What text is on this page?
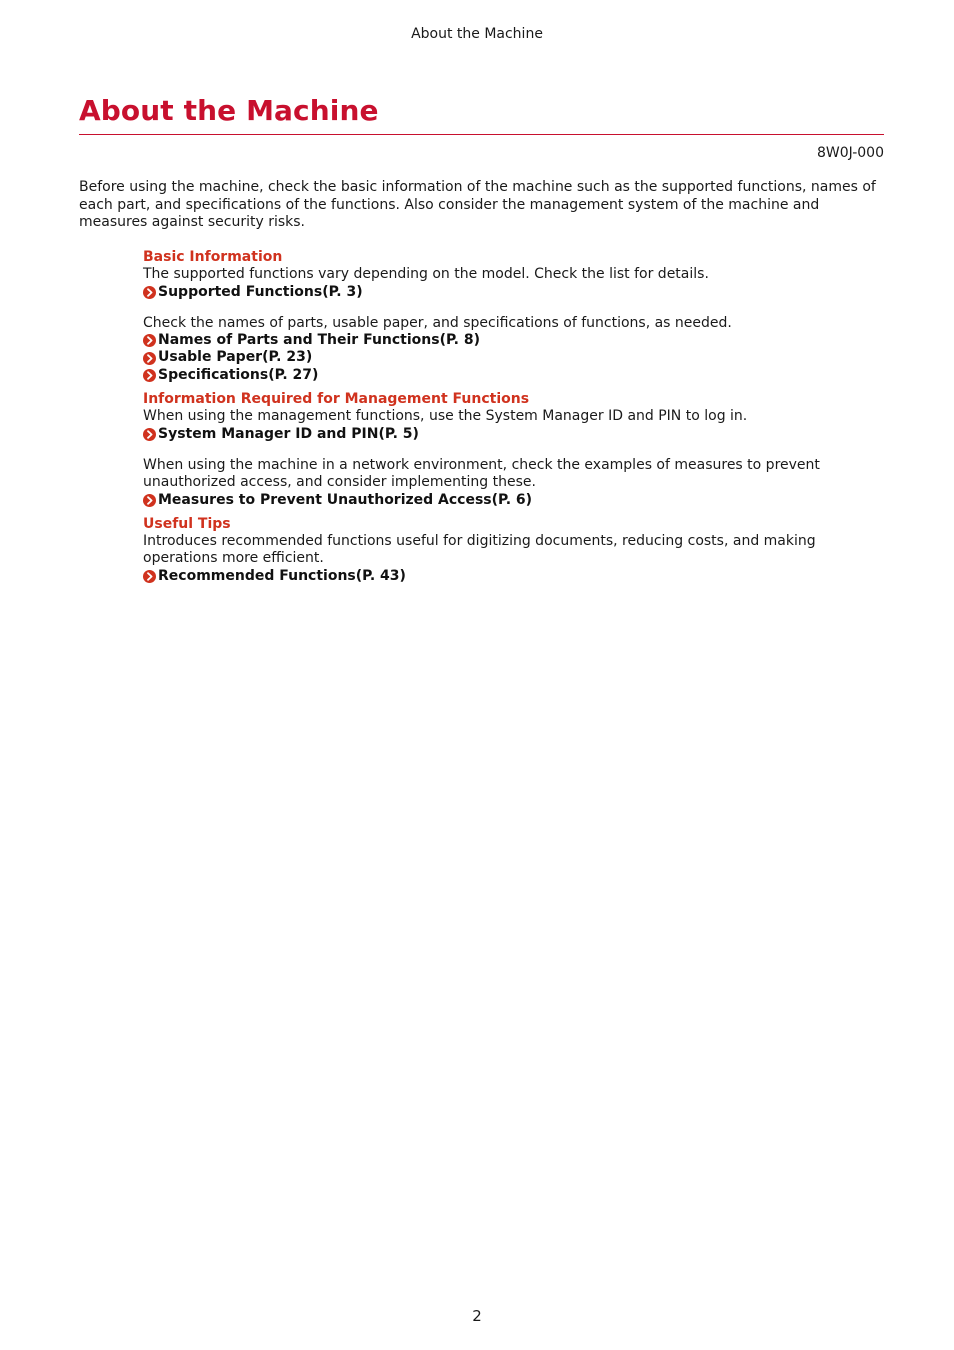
About the Machine
About the Machine
8W0J-000

Before using the machine, check the basic information of the machine such as the supported functions, names of each part, and specifications of the functions. Also consider the management system of the machine and measures against security risks.

Basic Information

The supported functions vary depending on the model. Check the list for details.

Supported Functions(P. 3)

Check the names of parts, usable paper, and specifications of functions, as needed.

Names of Parts and Their Functions(P. 8)
Usable Paper(P. 23)
Specifications(P. 27)
Information Required for Management Functions

When using the management functions, use the System Manager ID and PIN to log in.

System Manager ID and PIN(P. 5)

When using the machine in a network environment, check the examples of measures to prevent unauthorized access, and consider implementing these.

Measures to Prevent Unauthorized Access(P. 6)
Useful Tips

Introduces recommended functions useful for digitizing documents, reducing costs, and making operations more efficient.

Recommended Functions(P. 43)
2
